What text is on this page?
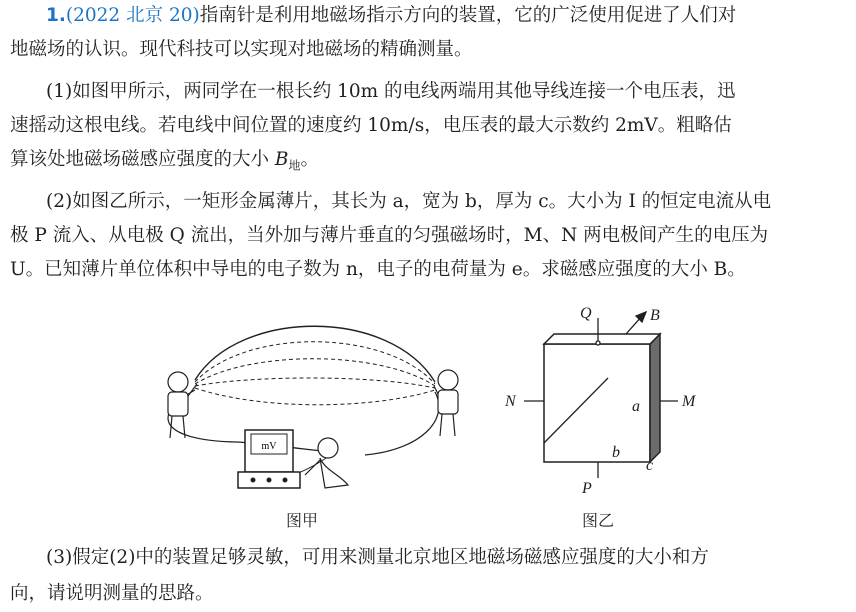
1.(2022 北京 20)指南针是利用地磁场指示方向的装置，它的广泛使用促进了人们对
地磁场的认识。现代科技可以实现对地磁场的精确测量。
(1)如图甲所示，两同学在一根长约 10m 的电线两端用其他导线连接一个电压表，迅
速摇动这根电线。若电线中间位置的速度约 10m/s，电压表的最大示数约 2mV。粗略估
算该处地磁场磁感应强度的大小 $B_地$。
(2)如图乙所示，一矩形金属薄片，其长为 a，宽为 b，厚为 c。大小为 I 的恒定电流从电
极 P 流入、从电极 Q 流出，当外加与薄片垂直的匀强磁场时，M、N 两电极间产生的电压为
U。已知薄片单位体积中导电的电子数为 n，电子的电荷量为 e。求磁感应强度的大小 B。
(3)假定(2)中的装置足够灵敏，可用来测量北京地区地磁场磁感应强度的大小和方
向，请说明测量的思路。
mV
图甲
Q	B
N	M
a
b
c
P
图乙
